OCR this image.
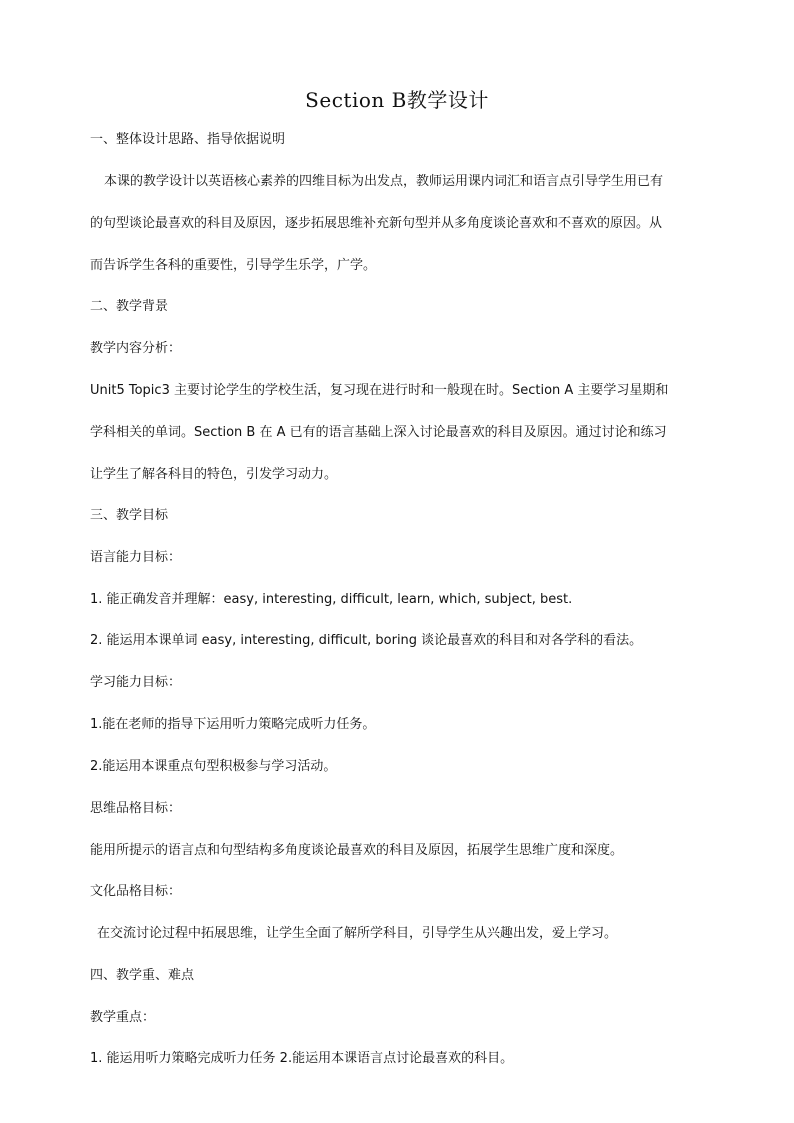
Section B教学设计
一、整体设计思路、指导依据说明
本课的教学设计以英语核心素养的四维目标为出发点，教师运用课内词汇和语言点引导学生用已有
的句型谈论最喜欢的科目及原因，逐步拓展思维补充新句型并从多角度谈论喜欢和不喜欢的原因。从
而告诉学生各科的重要性，引导学生乐学，广学。
二、教学背景
教学内容分析：
Unit5 Topic3 主要讨论学生的学校生活，复习现在进行时和一般现在时。Section A 主要学习星期和
学科相关的单词。Section B 在 A 已有的语言基础上深入讨论最喜欢的科目及原因。通过讨论和练习
让学生了解各科目的特色，引发学习动力。
三、教学目标
语言能力目标：
1. 能正确发音并理解：easy, interesting, difficult, learn, which, subject, best.
2. 能运用本课单词 easy, interesting, difficult, boring 谈论最喜欢的科目和对各学科的看法。
学习能力目标：
1.能在老师的指导下运用听力策略完成听力任务。
2.能运用本课重点句型积极参与学习活动。
思维品格目标：
能用所提示的语言点和句型结构多角度谈论最喜欢的科目及原因，拓展学生思维广度和深度。
文化品格目标：
在交流讨论过程中拓展思维，让学生全面了解所学科目，引导学生从兴趣出发，爱上学习。
四、教学重、难点
教学重点：
1. 能运用听力策略完成听力任务 2.能运用本课语言点讨论最喜欢的科目。
